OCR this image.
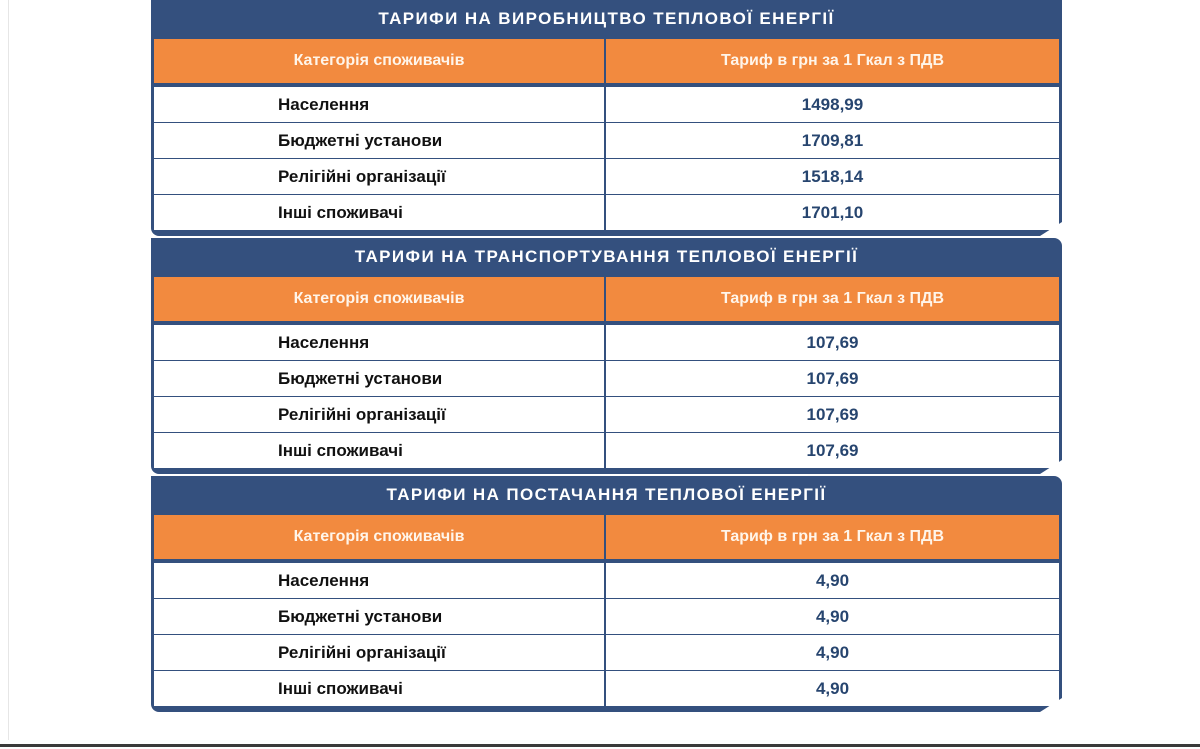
ТАРИФИ НА ВИРОБНИЦТВО ТЕПЛОВОЇ ЕНЕРГІЇ
Категорія споживачів	Тариф в грн за 1 Гкал з ПДВ
Населення	1498,99
Бюджетні установи	1709,81
Релігійні організації	1518,14
Інші споживачі	1701,10
ТАРИФИ НА ТРАНСПОРТУВАННЯ ТЕПЛОВОЇ ЕНЕРГІЇ
Категорія споживачів	Тариф в грн за 1 Гкал з ПДВ
Населення	107,69
Бюджетні установи	107,69
Релігійні організації	107,69
Інші споживачі	107,69
ТАРИФИ НА ПОСТАЧАННЯ ТЕПЛОВОЇ ЕНЕРГІЇ
Категорія споживачів	Тариф в грн за 1 Гкал з ПДВ
Населення	4,90
Бюджетні установи	4,90
Релігійні організації	4,90
Інші споживачі	4,90
